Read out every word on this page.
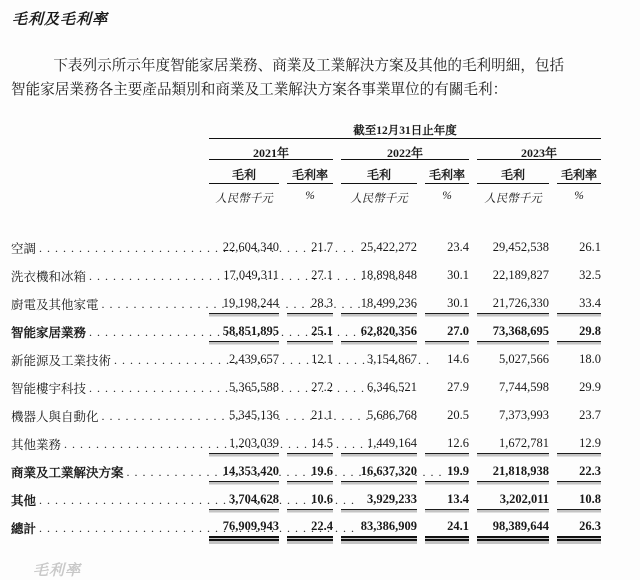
毛利及毛利率

下表列示所示年度智能家居業務、商業及工業解決方案及其他的毛利明細，包括
智能家居業務各主要產品類別和商業及工業解決方案各事業單位的有關毛利：

截至12月31日止年度
2021年	2022年	2023年
毛利	毛利率	毛利	毛利率	毛利	毛利率
人民幣千元	%	人民幣千元	%	人民幣千元	%
空調 . . .	22,604,340	21.7	25,422,272	23.4	29,452,538	26.1
洗衣機和冰箱 . . .	17,049,311	27.1	18,898,848	30.1	22,189,827	32.5
廚電及其他家電 . . .	19,198,244	28.3	18,499,236	30.1	21,726,330	33.4
智能家居業務 . . .	58,851,895	25.1	62,820,356	27.0	73,368,695	29.8
新能源及工業技術 . . .	2,439,657	12.1	3,154,867	14.6	5,027,566	18.0
智能樓宇科技 . . .	5,365,588	27.2	6,346,521	27.9	7,744,598	29.9
機器人與自動化 . . .	5,345,136	21.1	5,686,768	20.5	7,373,993	23.7
其他業務 . . .	1,203,039	14.5	1,449,164	12.6	1,672,781	12.9
商業及工業解決方案 . . .	14,353,420	19.6	16,637,320	19.9	21,818,938	22.3
其他 . . .	3,704,628	10.6	3,929,233	13.4	3,202,011	10.8
總計 . . .	76,909,943	22.4	83,386,909	24.1	98,389,644	26.3
毛利率
